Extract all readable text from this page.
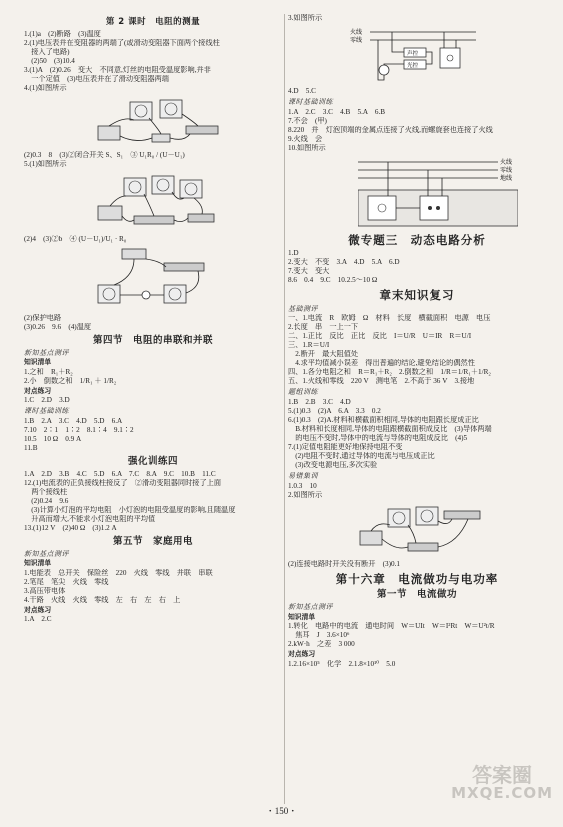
第 2 课时　电阻的测量

1.(1)a　(2)断路　(3)温度

2.(1)电压表并在变阻器的两端了(或滑动变阻器下面两个接线柱

　接入了电路)

　(2)50　(3)10.4

3.(1)A　(2)0.26　变大　不同意,灯丝的电阻受温度影响,并非

　一个定值　(3)电压表并在了滑动变阻器两端

4.(1)如图所示

(2)0.3　8　(3)②闭合开关 S、S₁　③ U₁R₀ / (U－U₁)

5.(1)如图所示

(2)4　(3)②b　④ (U－U₁)/U₁ · R₀

(2)保护电路

(3)0.26　9.6　(4)温度

第四节　电阻的串联和并联
新知基点测评
知识清单

1.之和　R₁＋R₂

2.小　倒数之和　1/R₁ ＋ 1/R₂

对点练习

1.C　2.D　3.D

课时基础训练

1.B　2.A　3.C　4.D　5.D　6.A

7.10　2∶1　1∶2　8.1∶4　9.1∶2

10.5　10 Ω　0.9 A

11.B

强化训练四

1.A　2.D　3.B　4.C　5.D　6.A　7.C　8.A　9.C　10.B　11.C

12.(1)电流表的正负接线柱接反了　②滑动变阻器同时接了上面

　两个接线柱

　(2)0.24　9.6

　(3)计算小灯泡的平均电阻　小灯泡的电阻受温度的影响,且随温度

　升高而增大,不能求小灯泡电阻的平均值

13.(1)12 V　(2)40 Ω　(3)1.2 A

第五节　家庭用电
新知基点测评
知识清单

1.电能表　总开关　保险丝　220　火线　零线　并联　串联

2.笔尾　笔尖　火线　零线

3.高压带电体

4.干路　火线　火线　零线　左　右　左　右　上

对点练习

1.A　2.C

3.如图所示

火线
零线
声控
光控

4.D　5.C

课时基础训练

1.A　2.C　3.C　4.B　5.A　6.B

7.不会　(甲)

8.220　并　灯泡顶端的金属点连接了火线,而螺旋套也连接了火线

9.火线　会

10.如图所示

火线
零线
地线
微专题三　动态电路分析

1.D

2.变大　不变　3.A　4.D　5.A　6.D

7.变大　变大

8.6　0.4　9.C　10.2.5～10 Ω

章末知识复习
基础测评

一、1.电流　R　欧姆　Ω　材料　长度　横截面积　电源　电压

2.长度　串　一上一下

二、1.正比　反比　正比　反比　I＝U/R　U＝IR　R＝U/I

三、1.R＝U/I

　2.断开　最大阻值处

　4.求平均值减小误差　得出普遍的结论,避免结论的偶然性

四、1.各分电阻之和　R＝R₁＋R₂　2.倒数之和　1/R＝1/R₁＋1/R₂

五、1.火线和零线　220 V　测电笔　2.不高于 36 V　3.接地

题组训练

1.B　2.B　3.C　4.D

5.(1)0.3　(2)A　6.A　3.3　0.2

6.(1)0.3　(2)A.材料和横截面积相同,导体的电阻跟长度成正比

　B.材料和长度相同,导体的电阻跟横截面积成反比　(3)导体两端

　的电压不变时,导体中的电流与导体的电阻成反比　(4)5

7.(1)定值电阻能更好地保持电阻不变

　(2)电阻不变时,通过导体的电流与电压成正比

　(3)改变电源电压,多次实验

易错集训

1.0.3　10

2.如图所示

(2)连接电路时开关没有断开　(3)0.1

第十六章　电流做功与电功率
第一节　电流做功
新知基点测评
知识清单

1.转化　电路中的电流　通电时间　W＝UIt　W＝I²Rt　W＝U²t/R

　焦耳　J　3.6×10⁶

2.kW·h　之差　3 000

对点练习

1.2.16×10⁵　化学　2.1.8×10¹⁰　5.0

答案圈
MXQE.COM
・150・
